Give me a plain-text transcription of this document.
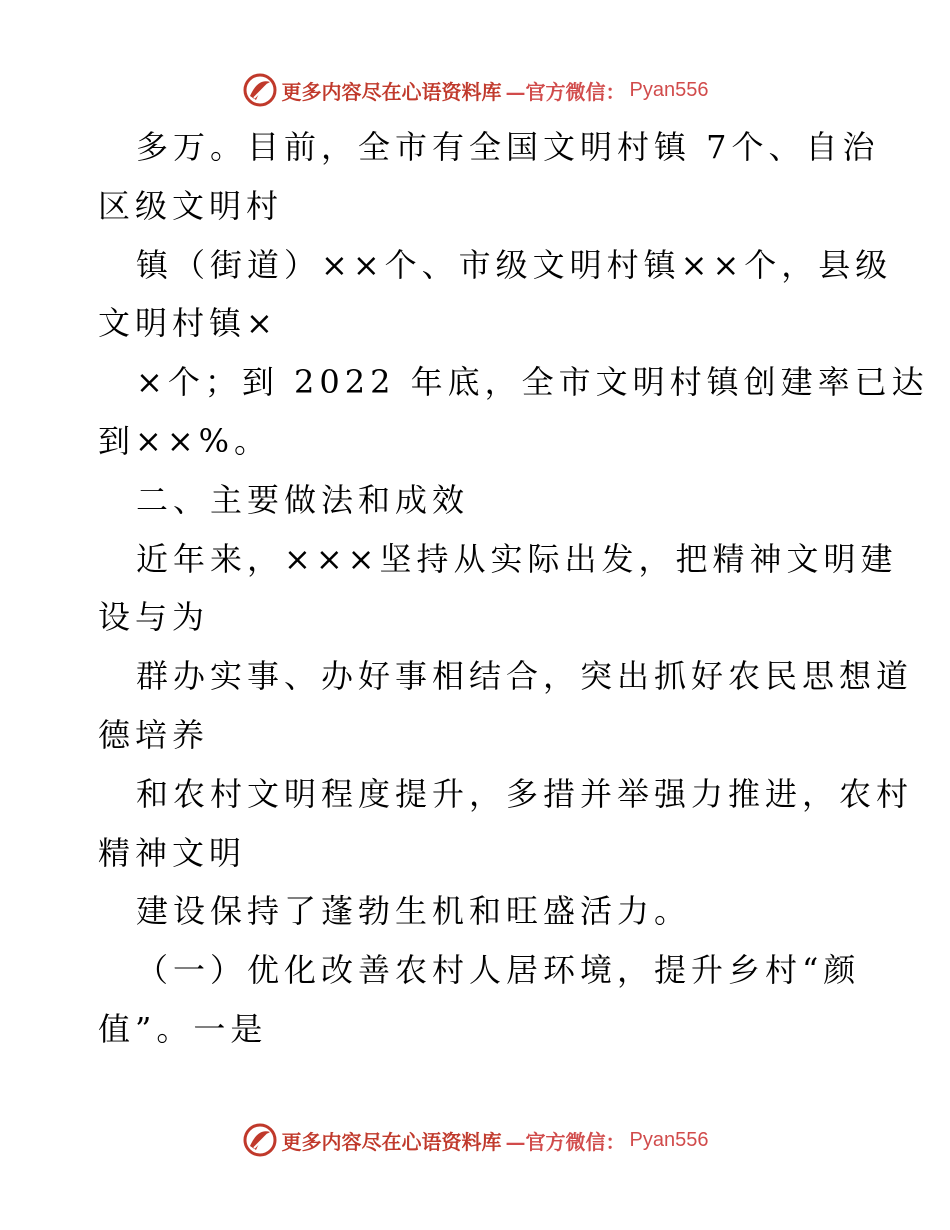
更多内容尽在心语资料库 —官方微信： Pyan556
多万。目前，全市有全国文明村镇 7个、自治
区级文明村
镇（街道）××个、市级文明村镇××个，县级
文明村镇×
×个；到 2022 年底，全市文明村镇创建率已达
到××%。
二、主要做法和成效
近年来，×××坚持从实际出发，把精神文明建
设与为
群办实事、办好事相结合，突出抓好农民思想道
德培养
和农村文明程度提升，多措并举强力推进，农村
精神文明
建设保持了蓬勃生机和旺盛活力。
（一）优化改善农村人居环境，提升乡村“颜
值”。一是
更多内容尽在心语资料库 —官方微信： Pyan556
